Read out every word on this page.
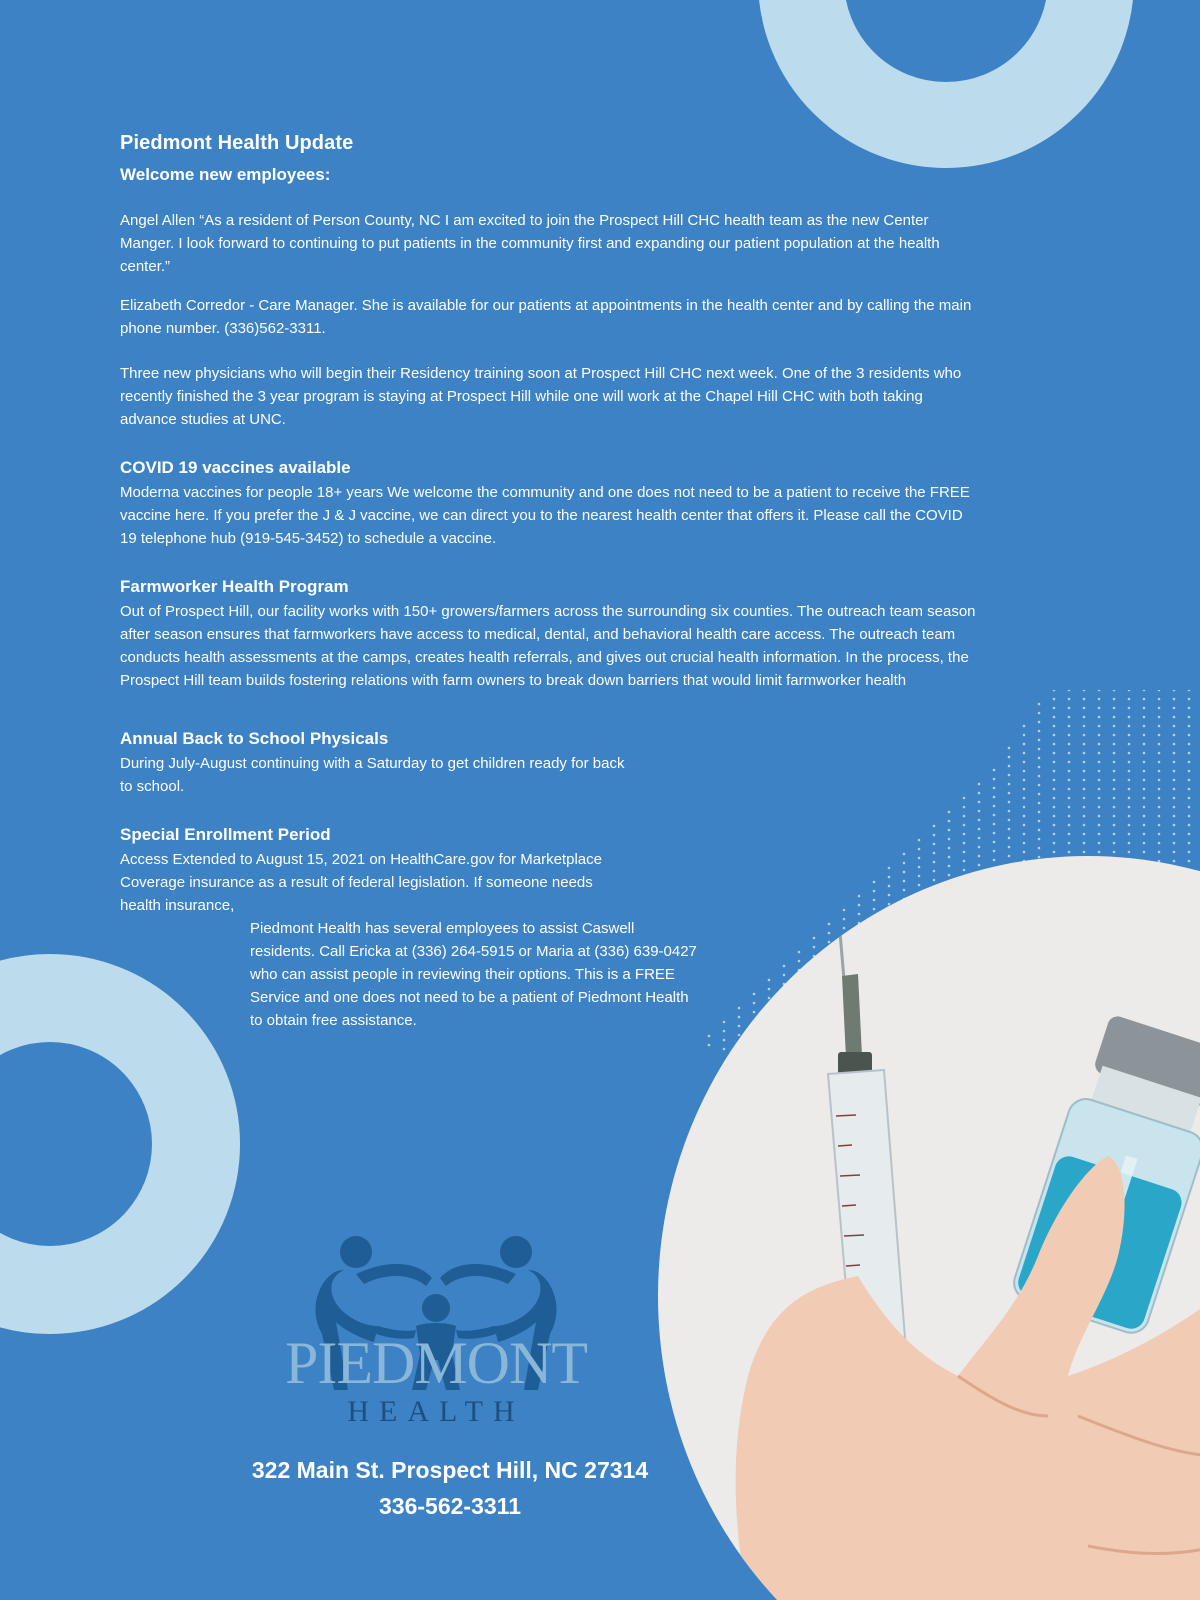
Piedmont Health Update
Welcome new employees:

Angel Allen “As a resident of Person County, NC I am excited to join the Prospect Hill CHC health team as the new Center Manger. I look forward to continuing to put patients in the community first and expanding our patient population at the health center.”

Elizabeth Corredor - Care Manager. She is available for our patients at appointments in the health center and by calling the main phone number. (336)562-3311.

Three new physicians who will begin their Residency training soon at Prospect Hill CHC next week. One of the 3 residents who recently finished the 3 year program is staying at Prospect Hill while one will work at the Chapel Hill CHC with both taking advance studies at UNC.

COVID 19 vaccines available

Moderna vaccines for people 18+ years We welcome the community and one does not need to be a patient to receive the FREE vaccine here. If you prefer the J & J vaccine, we can direct you to the nearest health center that offers it. Please call the COVID 19 telephone hub (919-545-3452) to schedule a vaccine.

Farmworker Health Program

Out of Prospect Hill, our facility works with 150+ growers/farmers across the surrounding six counties. The outreach team season after season ensures that farmworkers have access to medical, dental, and behavioral health care access. The outreach team conducts health assessments at the camps, creates health referrals, and gives out crucial health information. In the process, the Prospect Hill team builds fostering relations with farm owners to break down barriers that would limit farmworker health

Annual Back to School Physicals

During July-August continuing with a Saturday to get children ready for back to school.

Special Enrollment Period

Access Extended to August 15, 2021 on HealthCare.gov for Marketplace Coverage insurance as a result of federal legislation. If someone needs health insurance,

Piedmont Health has several employees to assist Caswell residents. Call Ericka at (336) 264-5915 or Maria at (336) 639-0427 who can assist people in reviewing their options. This is a FREE Service and one does not need to be a patient of Piedmont Health to obtain free assistance.

PIEDMONT
HEALTH
322 Main St. Prospect Hill, NC 27314
336-562-3311
